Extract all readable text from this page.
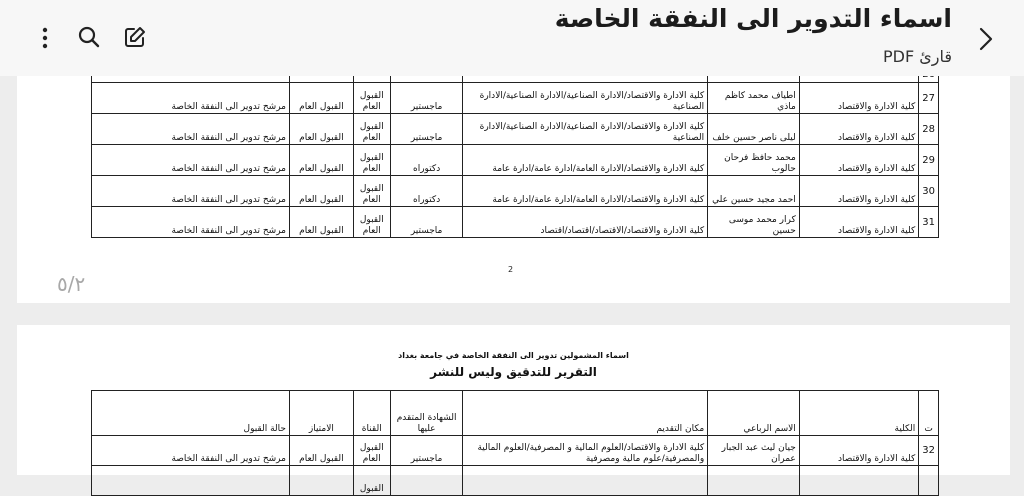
اسماء التدوير الى النفقة الخاصة
قارئ PDF

27	كلية الادارة والاقتصاد	اطياف محمد كاظم ماذي	كلية الادارة والاقتصاد/الادارة الصناعية/الادارة الصناعية/الادارة الصناعية	ماجستير	القبول العام	القبول العام	مرشح تدوير الى النفقة الخاصة
28	كلية الادارة والاقتصاد	ليلى ناصر حسين خلف	كلية الادارة والاقتصاد/الادارة الصناعية/الادارة الصناعية/الادارة الصناعية	ماجستير	القبول العام	القبول العام	مرشح تدوير الى النفقة الخاصة
29	كلية الادارة والاقتصاد	محمد حافظ فرحان حالوب	كلية الادارة والاقتصاد/الادارة العامة/ادارة عامة/ادارة عامة	دكتوراه	القبول العام	القبول العام	مرشح تدوير الى النفقة الخاصة
30	كلية الادارة والاقتصاد	احمد مجيد حسين علي	كلية الادارة والاقتصاد/الادارة العامة/ادارة عامة/ادارة عامة	دكتوراه	القبول العام	القبول العام	مرشح تدوير الى النفقة الخاصة
31	كلية الادارة والاقتصاد	كرار محمد موسى حسين	كلية الادارة والاقتصاد/الاقتصاد/اقتصاد/اقتصاد	ماجستير	القبول العام	القبول العام	مرشح تدوير الى النفقة الخاصة
2
٥/٢
اسماء المشمولين تدوير الى النفقة الخاصة في جامعة بغداد
التقرير للتدقيق وليس للنشر
ت	الكلية	الاسم الرباعي	مكان التقديم	الشهادة المتقدم عليها	القناة	الامتياز	حالة القبول
32	كلية الادارة والاقتصاد	جيان ليث عبد الجبار عمران	كلية الادارة والاقتصاد/العلوم المالية و المصرفية/العلوم المالية والمصرفية/علوم مالية ومصرفية	ماجستير	القبول العام	القبول العام	مرشح تدوير الى النفقة الخاصة
					القبول		
